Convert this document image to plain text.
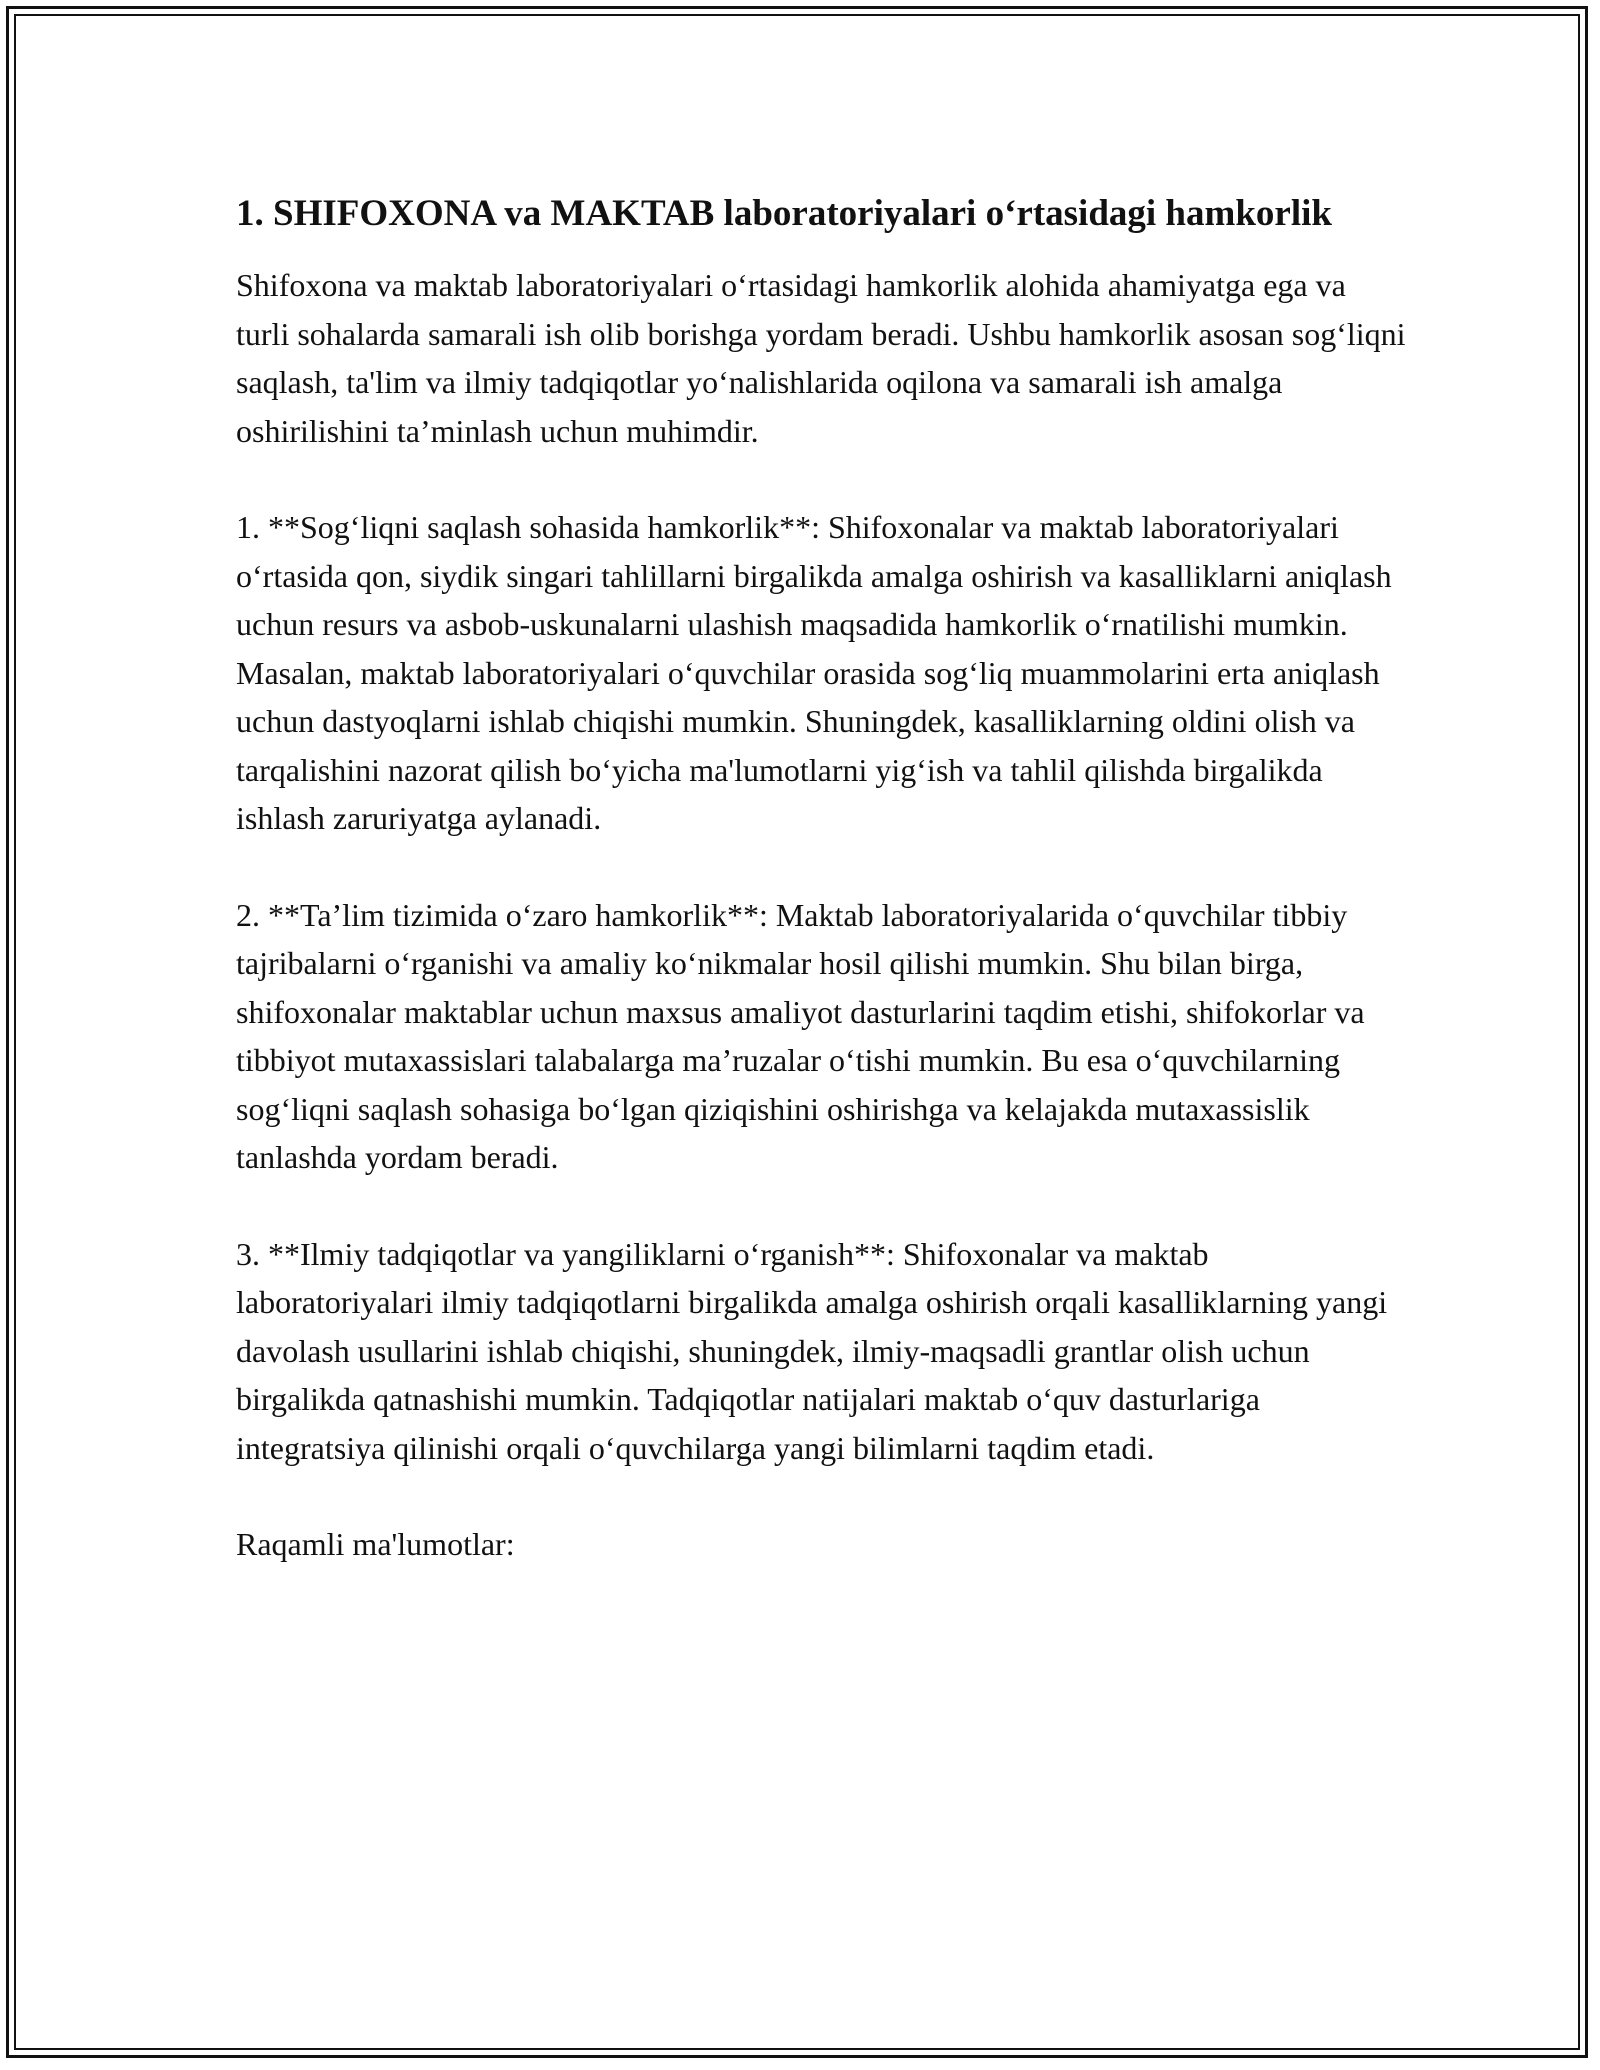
1. SHIFOXONA va MAKTAB laboratoriyalari o‘rtasidagi hamkorlik

Shifoxona va maktab laboratoriyalari o‘rtasidagi hamkorlik alohida ahamiyatga ega va turli sohalarda samarali ish olib borishga yordam beradi. Ushbu hamkorlik asosan sog‘liqni saqlash, ta'lim va ilmiy tadqiqotlar yo‘nalishlarida oqilona va samarali ish amalga oshirilishini ta’minlash uchun muhimdir.

1. **Sog‘liqni saqlash sohasida hamkorlik**: Shifoxonalar va maktab laboratoriyalari o‘rtasida qon, siydik singari tahlillarni birgalikda amalga oshirish va kasalliklarni aniqlash uchun resurs va asbob-uskunalarni ulashish maqsadida hamkorlik o‘rnatilishi mumkin. Masalan, maktab laboratoriyalari o‘quvchilar orasida sog‘liq muammolarini erta aniqlash uchun dastyoqlarni ishlab chiqishi mumkin. Shuningdek, kasalliklarning oldini olish va tarqalishini nazorat qilish bo‘yicha ma'lumotlarni yig‘ish va tahlil qilishda birgalikda ishlash zaruriyatga aylanadi.

2. **Ta’lim tizimida o‘zaro hamkorlik**: Maktab laboratoriyalarida o‘quvchilar tibbiy tajribalarni o‘rganishi va amaliy ko‘nikmalar hosil qilishi mumkin. Shu bilan birga, shifoxonalar maktablar uchun maxsus amaliyot dasturlarini taqdim etishi, shifokorlar va tibbiyot mutaxassislari talabalarga ma’ruzalar o‘tishi mumkin. Bu esa o‘quvchilarning sog‘liqni saqlash sohasiga bo‘lgan qiziqishini oshirishga va kelajakda mutaxassislik tanlashda yordam beradi.

3. **Ilmiy tadqiqotlar va yangiliklarni o‘rganish**: Shifoxonalar va maktab laboratoriyalari ilmiy tadqiqotlarni birgalikda amalga oshirish orqali kasalliklarning yangi davolash usullarini ishlab chiqishi, shuningdek, ilmiy-maqsadli grantlar olish uchun birgalikda qatnashishi mumkin. Tadqiqotlar natijalari maktab o‘quv dasturlariga integratsiya qilinishi orqali o‘quvchilarga yangi bilimlarni taqdim etadi.

Raqamli ma'lumotlar:
